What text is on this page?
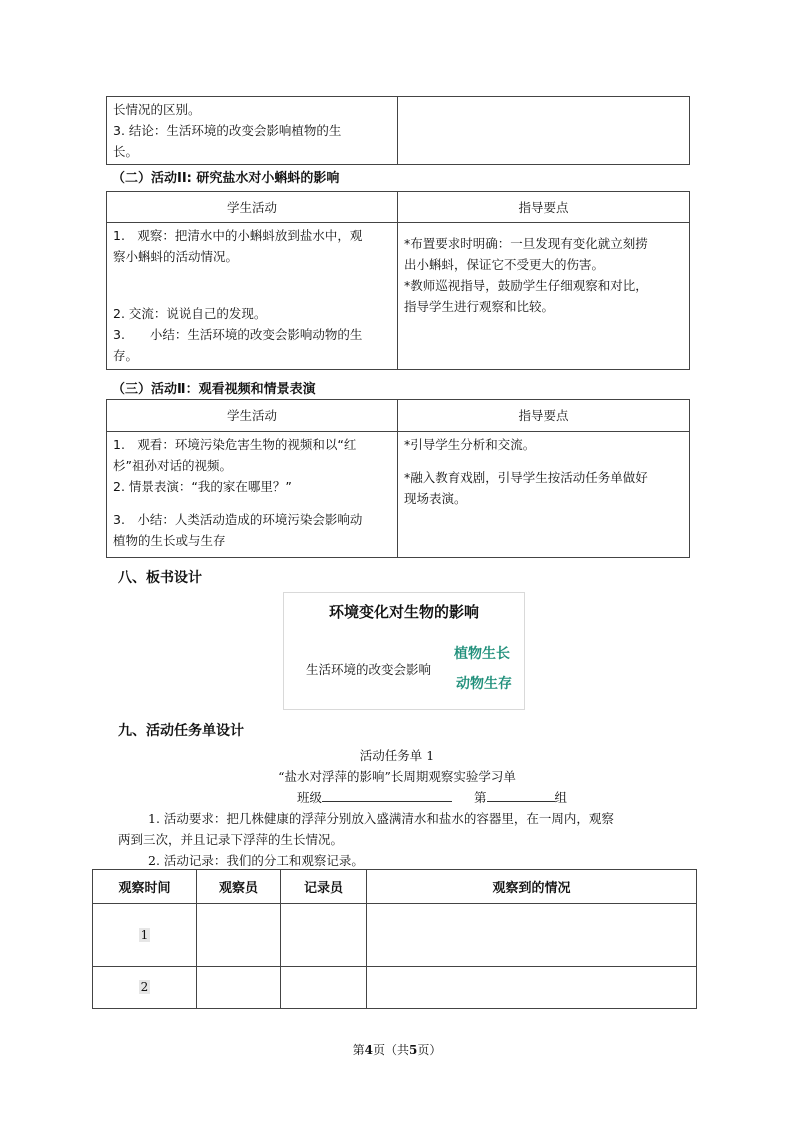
长情况的区别。
3. 结论：生活环境的改变会影响植物的生
长。

（二）活动II: 研究盐水对小蝌蚪的影响
学生活动	指导要点

1.　观察：把清水中的小蝌蚪放到盐水中，观
察小蝌蚪的活动情况。
2. 交流：说说自己的发现。
3.　　小结：生活环境的改变会影响动物的生
存。	*布置要求时明确：一旦发现有变化就立刻捞
出小蝌蚪，保证它不受更大的伤害。
*教师巡视指导，鼓励学生仔细观察和对比，
指导学生进行观察和比较。
（三）活动Ⅱ：观看视频和情景表演
学生活动	指导要点

1.　观看：环境污染危害生物的视频和以“红
杉”祖孙对话的视频。
2. 情景表演：“我的家在哪里？”
3.　小结：人类活动造成的环境污染会影响动
植物的生长或与生存	*引导学生分析和交流。
*融入教育戏剧，引导学生按活动任务单做好
现场表演。
八、板书设计
环境变化对生物的影响
生活环境的改变会影响
植物生长
动物生存
九、活动任务单设计
活动任务单 1
“盐水对浮萍的影响”长周期观察实验学习单
班级	第	组
1. 活动要求：把几株健康的浮萍分别放入盛满清水和盐水的容器里，在一周内，观察
两到三次，并且记录下浮萍的生长情况。
2. 活动记录：我们的分工和观察记录。
观察时间	观察员	记录员	观察到的情况
1			
2			
第4页（共5页）
